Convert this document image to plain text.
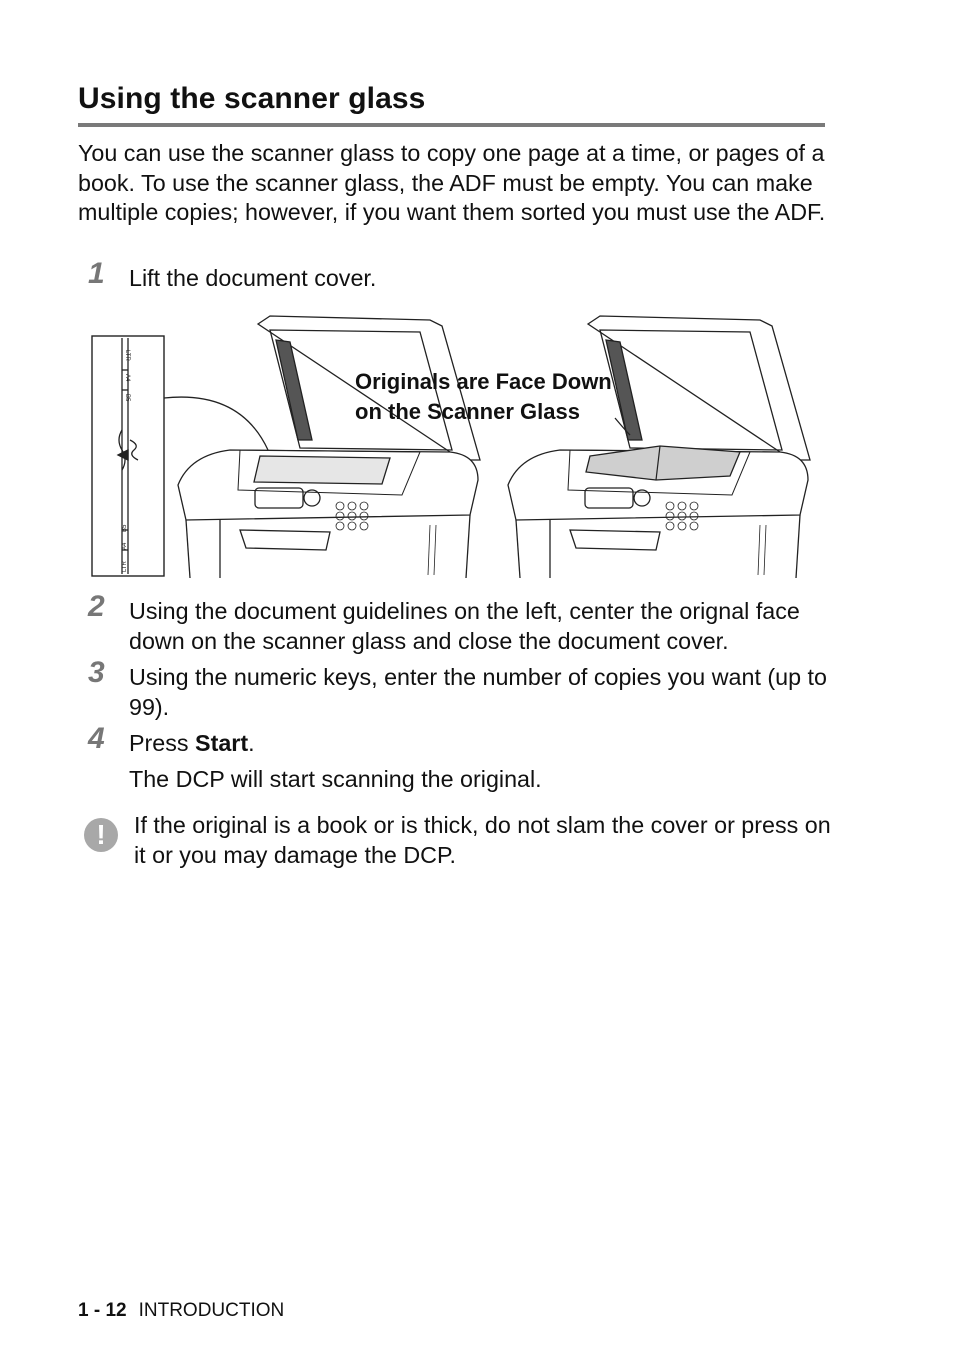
Using the scanner glass

You can use the scanner glass to copy one page at a time, or pages of a book. To use the scanner glass, the ADF must be empty. You can make multiple copies; however, if you want them sorted you must use the ADF.

1 Lift the document cover.

LTR
A4
B5
B5
A4
LTR

Originals are Face Down
on the Scanner Glass

2 Using the document guidelines on the left, center the orignal face down on the scanner glass and close the document cover.

3 Using the numeric keys, enter the number of copies you want (up to 99).

4 Press Start.

The DCP will start scanning the original.

!	If the original is a book or is thick, do not slam the cover or press on it or you may damage the DCP.

1 - 12 INTRODUCTION
